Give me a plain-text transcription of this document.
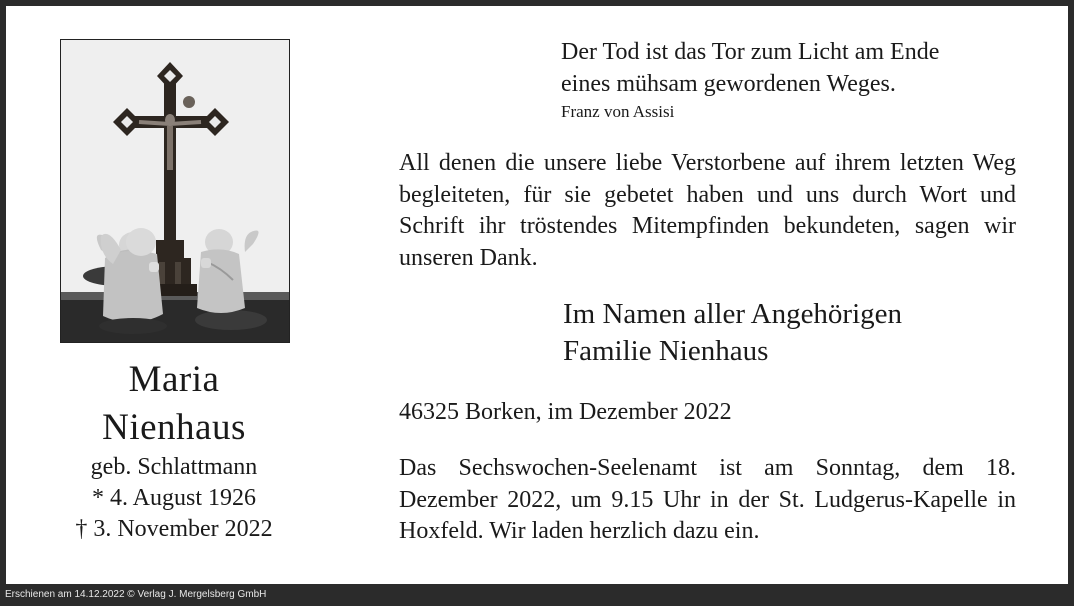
Der Tod ist das Tor zum Licht am Ende
eines mühsam gewordenen Weges.
Franz von Assisi
All denen die unsere liebe Verstorbene auf ihrem letzten Weg begleiteten, für sie gebetet haben und uns durch Wort und Schrift ihr tröstendes Mitempfinden bekundeten, sagen wir unseren Dank.
Im Namen aller Angehörigen
Familie Nienhaus
46325 Borken, im Dezember 2022
Das Sechswochen-Seelenamt ist am Sonntag, dem 18. Dezember 2022, um 9.15 Uhr in der St. Ludgerus-Kapelle in Hoxfeld. Wir laden herzlich dazu ein.
Maria
Nienhaus
geb. Schlattmann
* 4. August 1926
† 3. November 2022
Erschienen am 14.12.2022 © Verlag J. Mergelsberg GmbH
